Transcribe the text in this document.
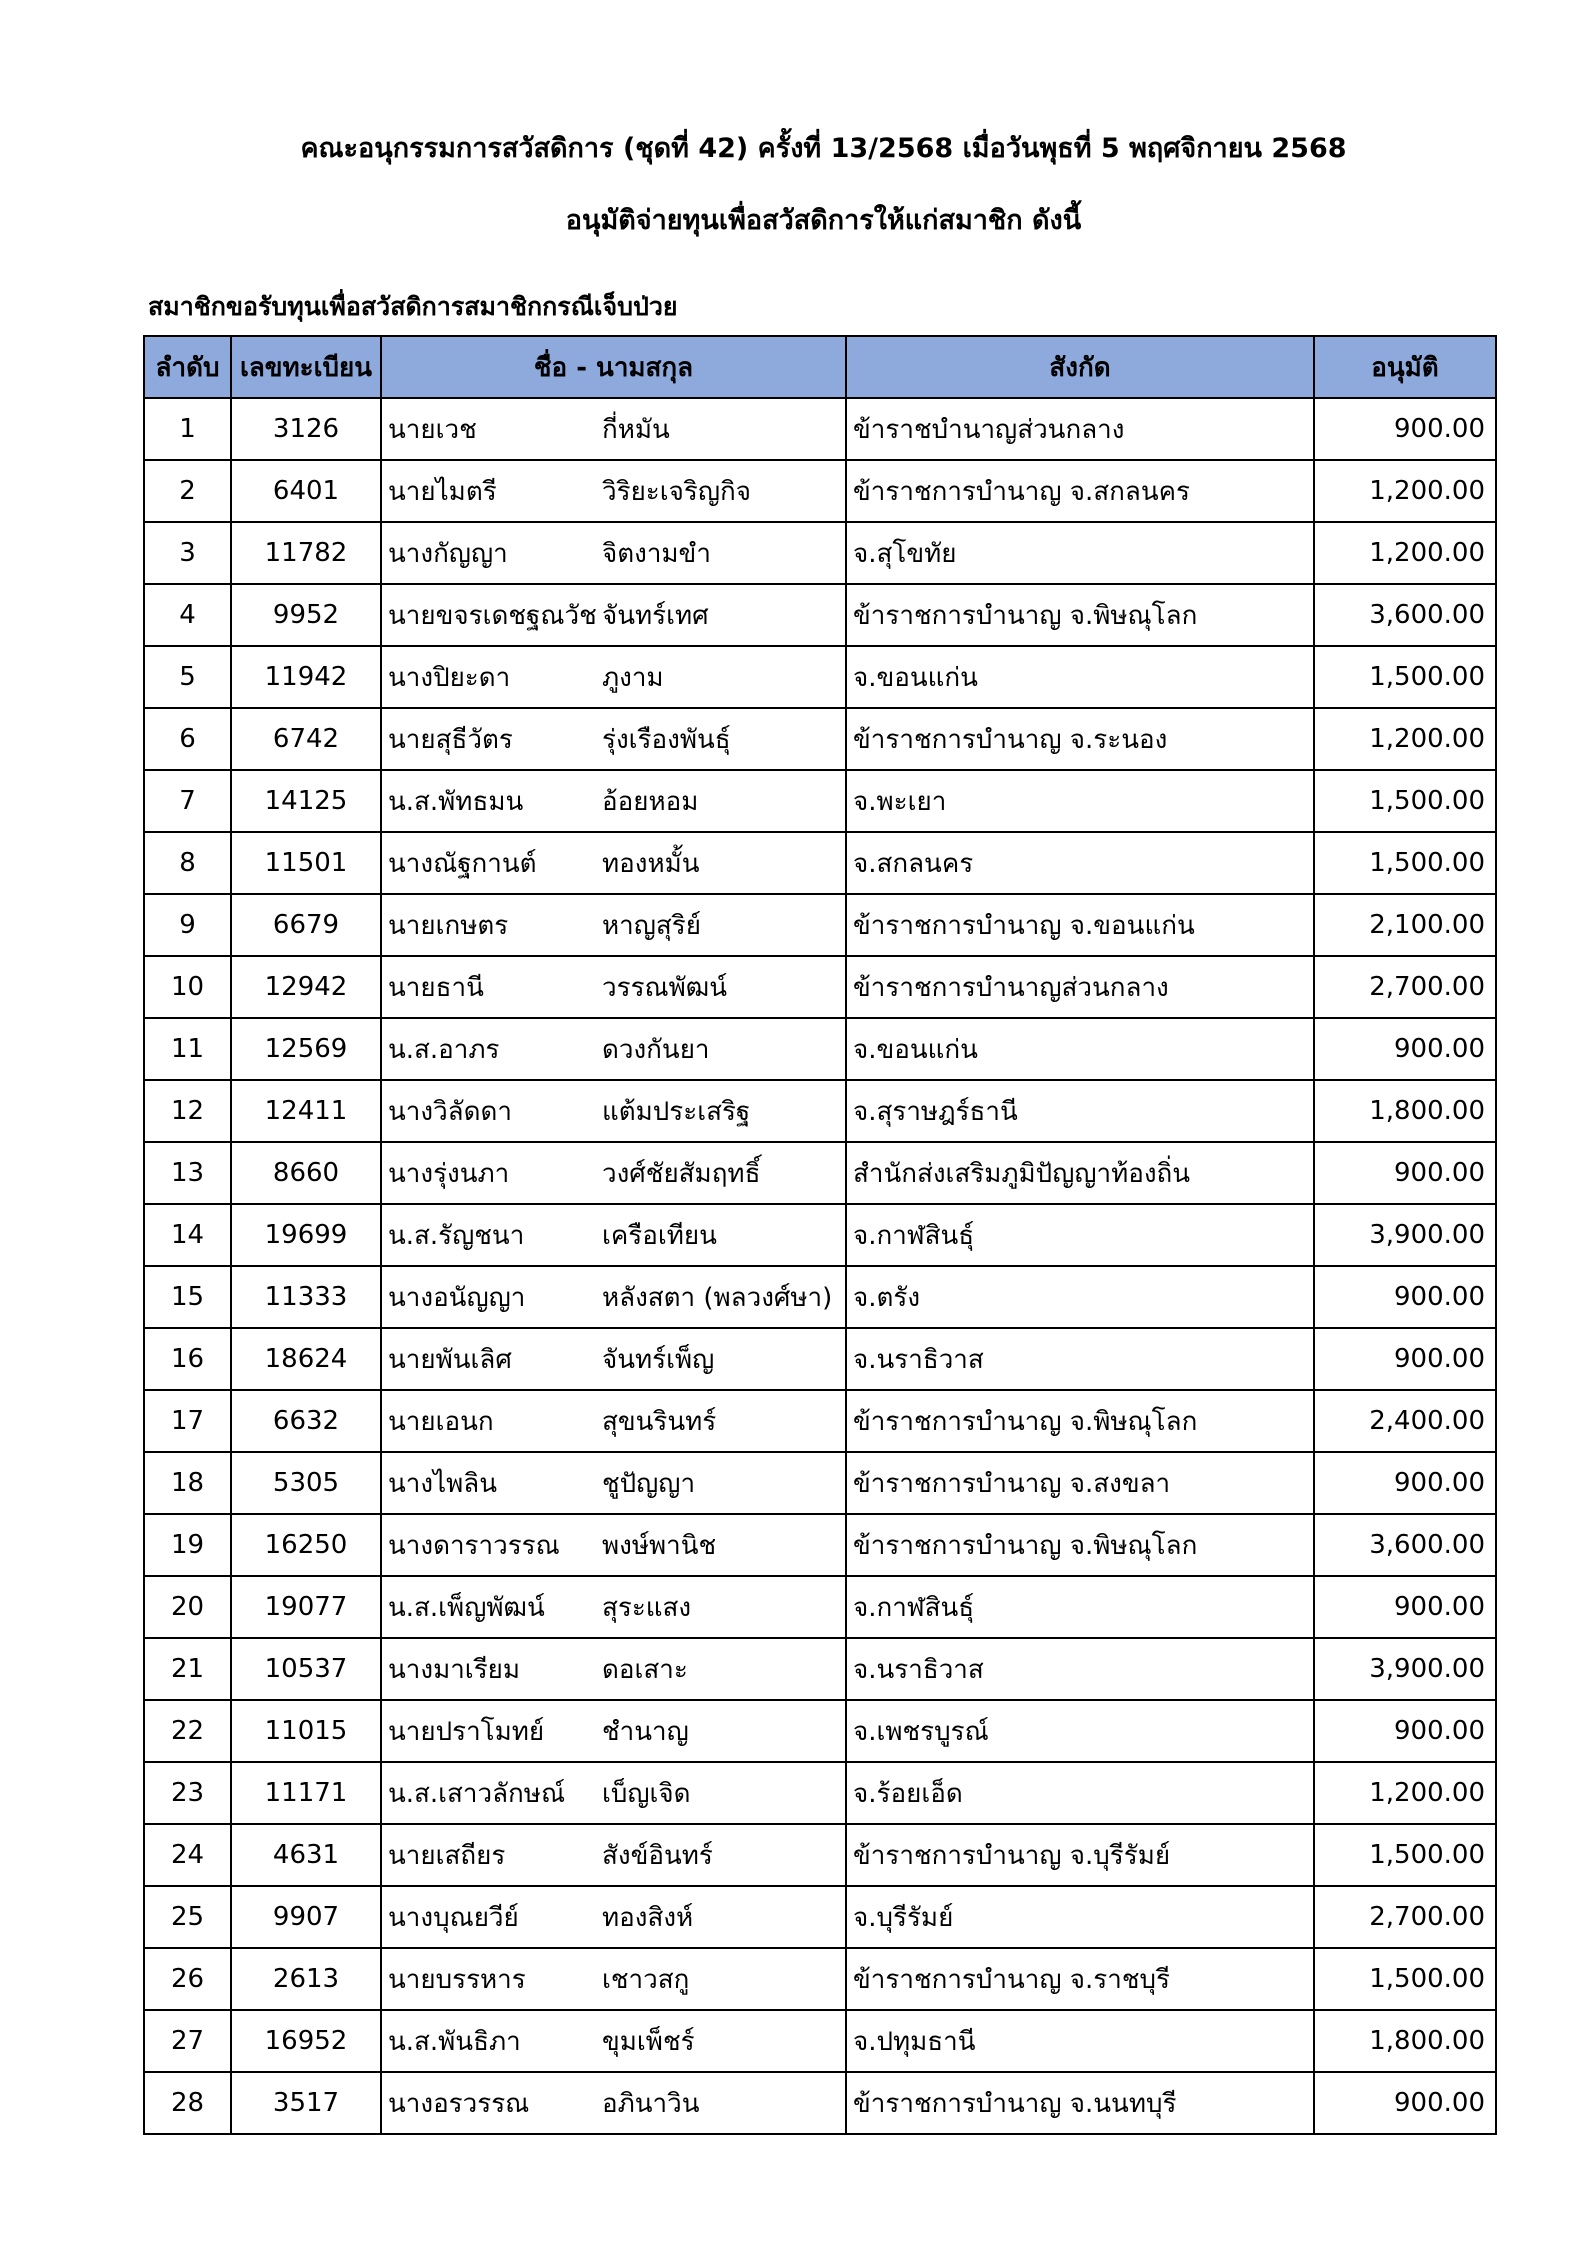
คณะอนุกรรมการสวัสดิการ (ชุดที่ 42) ครั้งที่ 13/2568 เมื่อวันพุธที่ 5 พฤศจิกายน 2568
อนุมัติจ่ายทุนเพื่อสวัสดิการให้แก่สมาชิก ดังนี้
สมาชิกขอรับทุนเพื่อสวัสดิการสมาชิกกรณีเจ็บป่วย
ลำดับ	เลขทะเบียน	ชื่อ - นามสกุล	สังกัด	อนุมัติ
1	3126	นายเวช กี่หมัน	ข้าราชบำนาญส่วนกลาง	900.00
2	6401	นายไมตรี วิริยะเจริญกิจ	ข้าราชการบำนาญ จ.สกลนคร	1,200.00
3	11782	นางกัญญา จิตงามขำ	จ.สุโขทัย	1,200.00
4	9952	นายขจรเดชฐณวัช จันทร์เทศ	ข้าราชการบำนาญ จ.พิษณุโลก	3,600.00
5	11942	นางปิยะดา ภูงาม	จ.ขอนแก่น	1,500.00
6	6742	นายสุธีวัตร รุ่งเรืองพันธุ์	ข้าราชการบำนาญ จ.ระนอง	1,200.00
7	14125	น.ส.พัทธมน อ้อยหอม	จ.พะเยา	1,500.00
8	11501	นางณัฐกานต์ ทองหมั้น	จ.สกลนคร	1,500.00
9	6679	นายเกษตร หาญสุริย์	ข้าราชการบำนาญ จ.ขอนแก่น	2,100.00
10	12942	นายธานี วรรณพัฒน์	ข้าราชการบำนาญส่วนกลาง	2,700.00
11	12569	น.ส.อาภร ดวงกันยา	จ.ขอนแก่น	900.00
12	12411	นางวิลัดดา แต้มประเสริฐ	จ.สุราษฎร์ธานี	1,800.00
13	8660	นางรุ่งนภา วงศ์ชัยสัมฤทธิ์	สำนักส่งเสริมภูมิปัญญาท้องถิ่น	900.00
14	19699	น.ส.รัญชนา เครือเทียน	จ.กาฬสินธุ์	3,900.00
15	11333	นางอนัญญา หลังสตา (พลวงศ์ษา)	จ.ตรัง	900.00
16	18624	นายพันเลิศ จันทร์เพ็ญ	จ.นราธิวาส	900.00
17	6632	นายเอนก สุขนรินทร์	ข้าราชการบำนาญ จ.พิษณุโลก	2,400.00
18	5305	นางไพลิน ชูปัญญา	ข้าราชการบำนาญ จ.สงขลา	900.00
19	16250	นางดาราวรรณ พงษ์พานิช	ข้าราชการบำนาญ จ.พิษณุโลก	3,600.00
20	19077	น.ส.เพ็ญพัฒน์ สุระแสง	จ.กาฬสินธุ์	900.00
21	10537	นางมาเรียม ดอเสาะ	จ.นราธิวาส	3,900.00
22	11015	นายปราโมทย์ ชำนาญ	จ.เพชรบูรณ์	900.00
23	11171	น.ส.เสาวลักษณ์ เบ็ญเจิด	จ.ร้อยเอ็ด	1,200.00
24	4631	นายเสถียร สังข์อินทร์	ข้าราชการบำนาญ จ.บุรีรัมย์	1,500.00
25	9907	นางบุณยวีย์ ทองสิงห์	จ.บุรีรัมย์	2,700.00
26	2613	นายบรรหาร เชาวสกู	ข้าราชการบำนาญ จ.ราชบุรี	1,500.00
27	16952	น.ส.พันธิภา ขุมเพ็ชร์	จ.ปทุมธานี	1,800.00
28	3517	นางอรวรรณ อภินาวิน	ข้าราชการบำนาญ จ.นนทบุรี	900.00
